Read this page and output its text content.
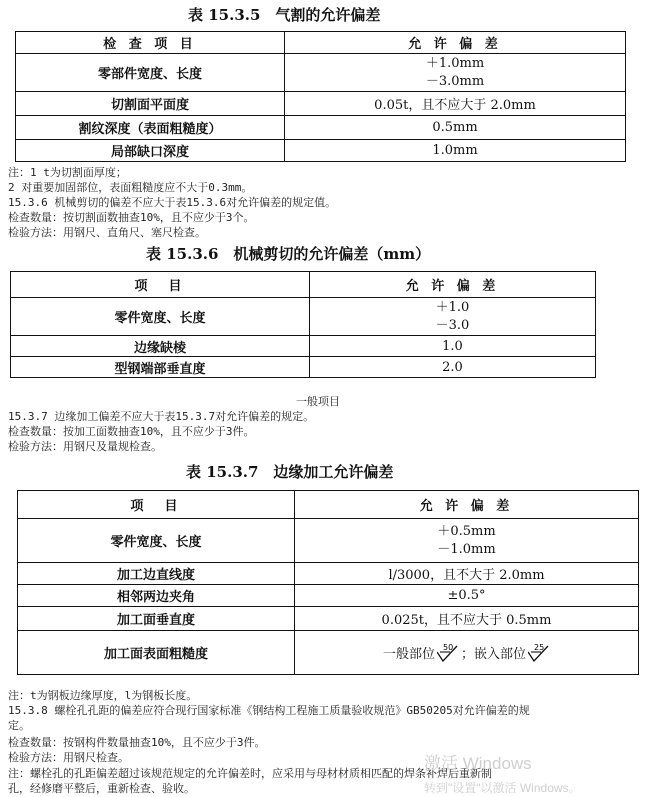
表 15.3.5　气割的允许偏差
检 查 项 目	允 许 偏 差
零部件宽度、长度	＋1.0mm
－3.0mm

切割面平面度	0.05t，且不应大于 2.0mm
割纹深度（表面粗糙度）	0.5mm
局部缺口深度	1.0mm
注：1 t为切割面厚度；
2 对重要加固部位，表面粗糙度应不大于0.3mm。
15.3.6 机械剪切的偏差不应大于表15.3.6对允许偏差的规定值。
检查数量：按切割面数抽查10%，且不应少于3个。
检验方法：用钢尺、直角尺、塞尺检查。
表 15.3.6　机械剪切的允许偏差（mm）
项　目	允 许 偏 差
零件宽度、长度	＋1.0
－3.0

边缘缺棱	1.0
型钢端部垂直度	2.0
一般项目
15.3.7 边缘加工偏差不应大于表15.3.7对允许偏差的规定。
检查数量：按加工面数抽查10%，且不应少于3件。
检验方法：用钢尺及量规检查。
表 15.3.7　边缘加工允许偏差
项　目	允 许 偏 差
零件宽度、长度	＋0.5mm
－1.0mm

加工边直线度	l/3000，且不大于 2.0mm
相邻两边夹角	±0.5°
加工面垂直度	0.025t，且不应大于 0.5mm
加工面表面粗糙度	一般部位 50 ；嵌入部位 25
注：t为钢板边缘厚度，l为钢板长度。
15.3.8 螺栓孔孔距的偏差应符合现行国家标准《钢结构工程施工质量验收规范》GB50205对允许偏差的规
定。
检查数量：按钢构件数量抽查10%，且不应少于3件。
检验方法：用钢尺检查。
注：螺栓孔的孔距偏差超过该规范规定的允许偏差时，应采用与母材材质相匹配的焊条补焊后重新制
孔，经修磨平整后，重新检查、验收。
激活 Windows
转到"设置"以激活 Windows。
